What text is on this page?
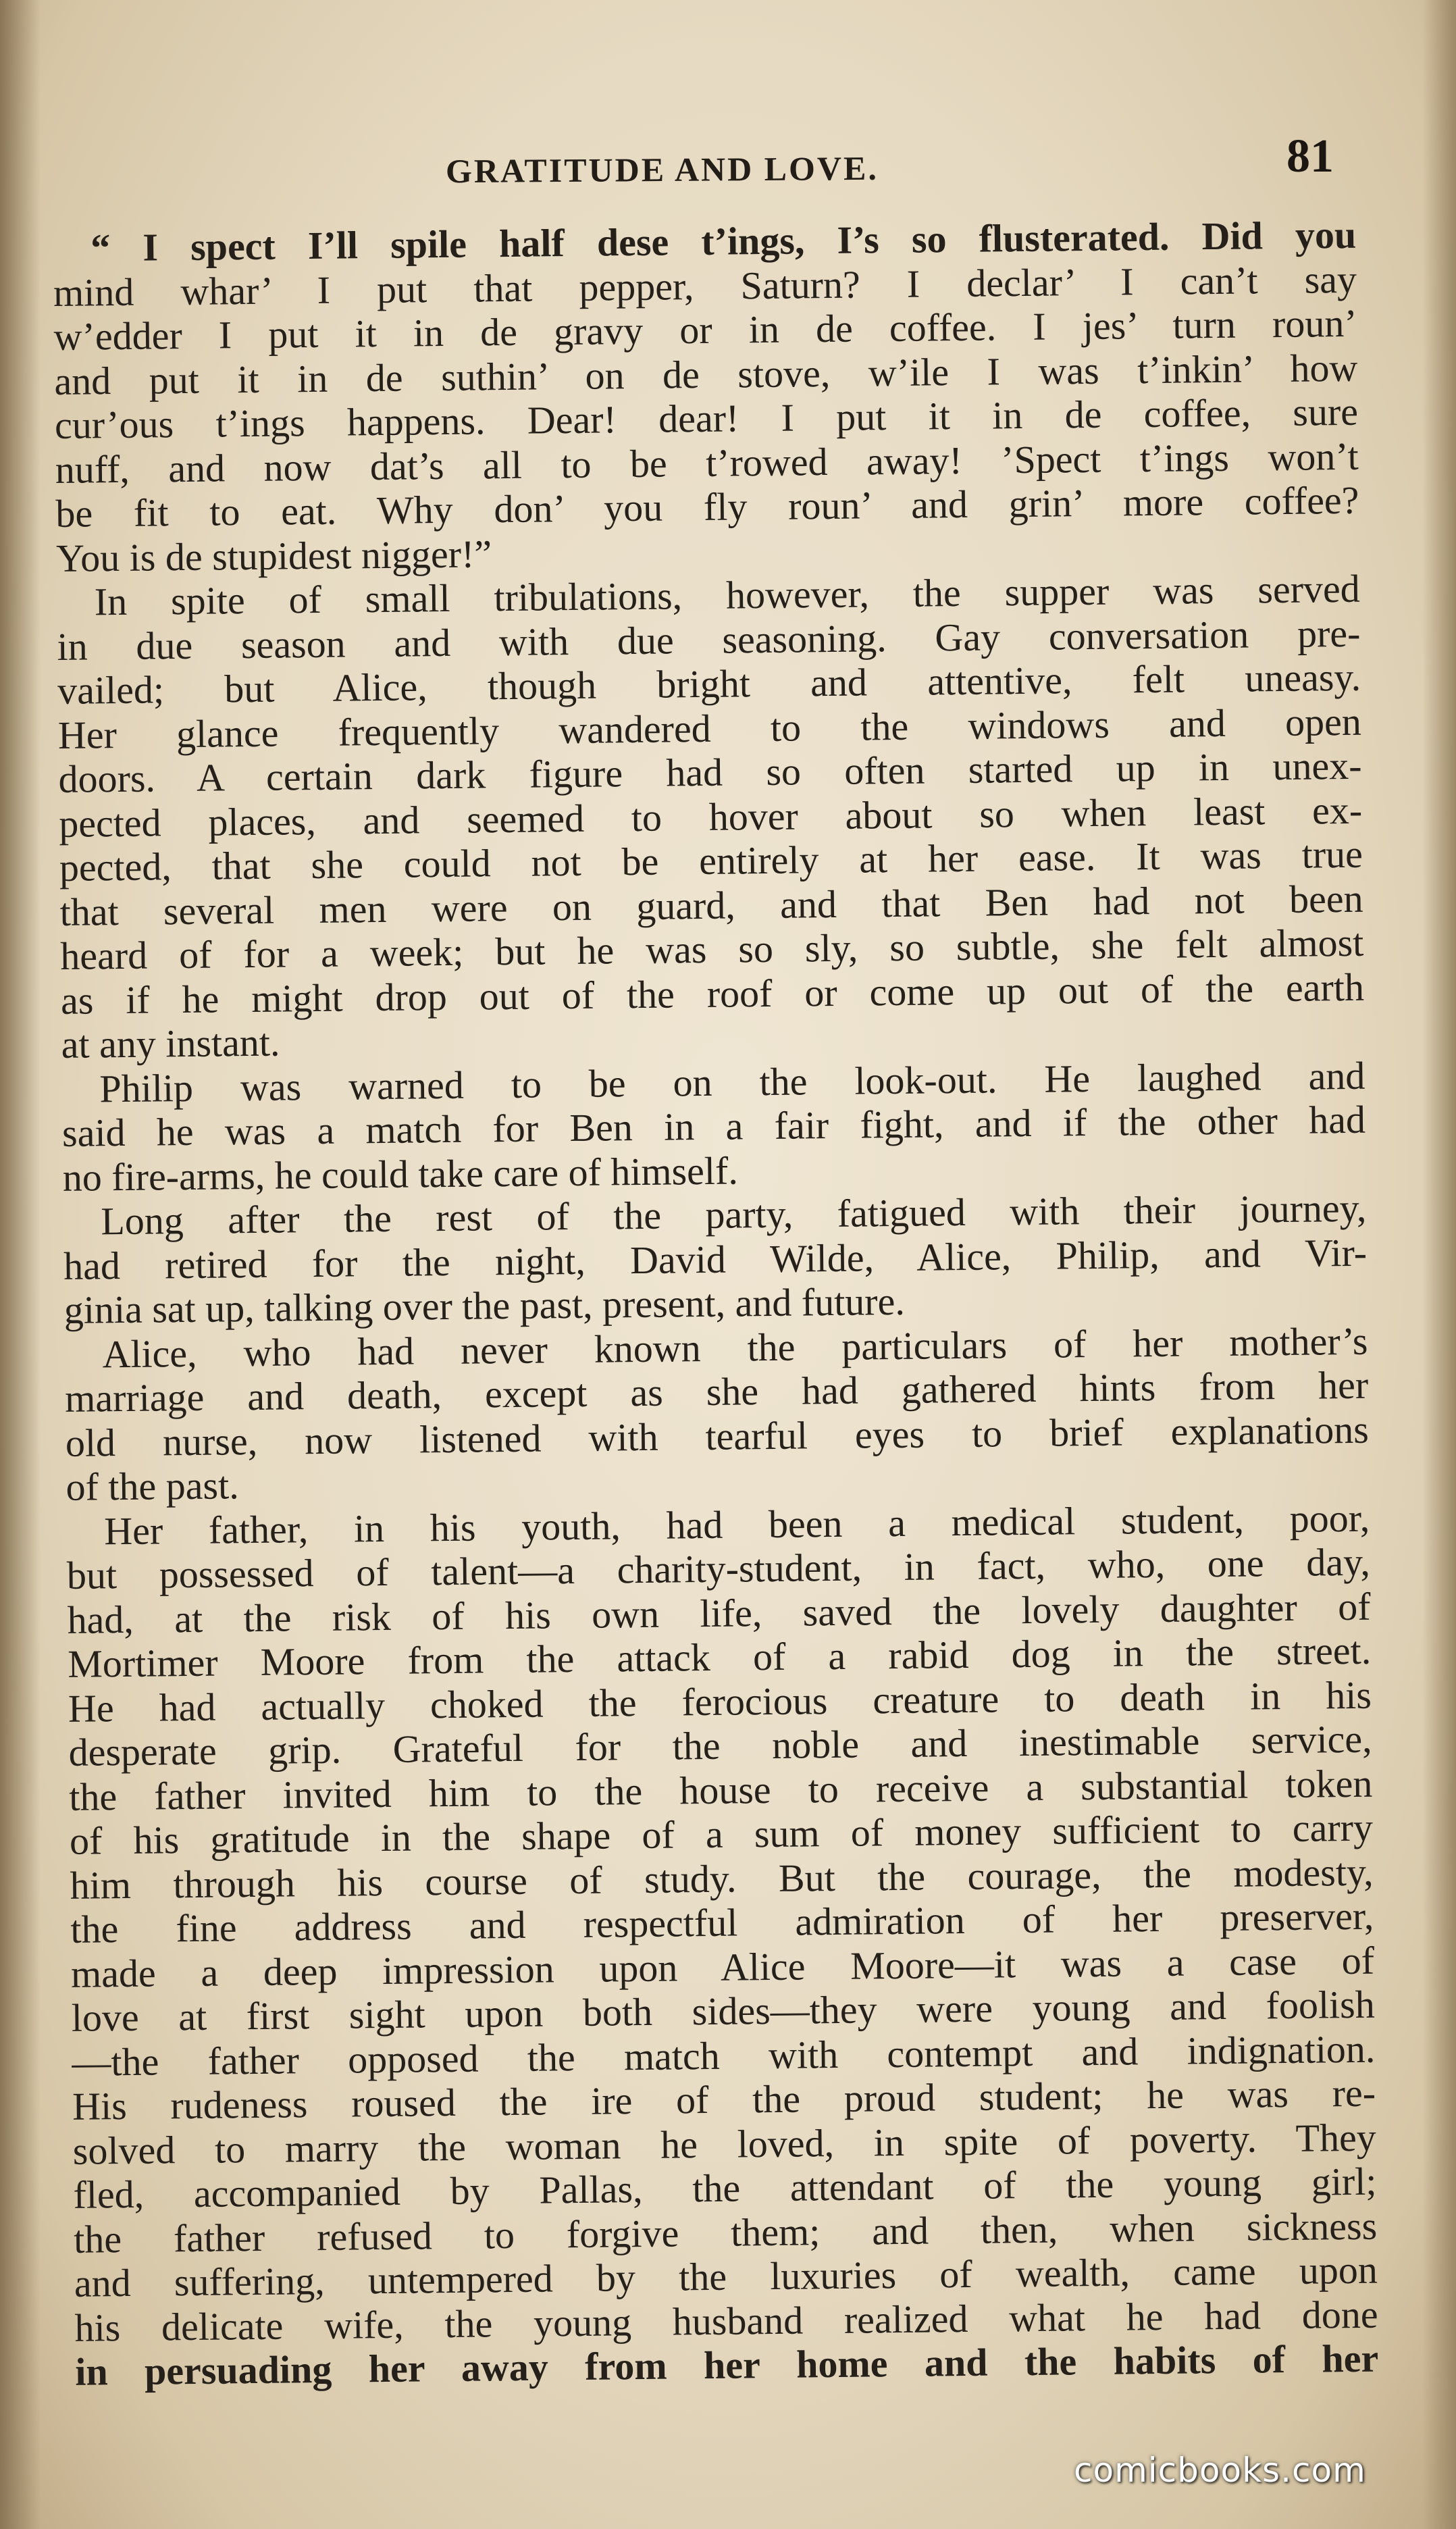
GRATITUDE AND LOVE.	81
“ I spect I’ll spile half dese t’ings, I’s so flusterated. Did you
mind whar’ I put that pepper, Saturn? I declar’ I can’t say
w’edder I put it in de gravy or in de coffee. I jes’ turn roun’
and put it in de suthin’ on de stove, w’ile I was t’inkin’ how
cur’ous t’ings happens. Dear! dear! I put it in de coffee, sure
nuff, and now dat’s all to be t’rowed away! ’Spect t’ings won’t
be fit to eat. Why don’ you fly roun’ and grin’ more coffee?
You is de stupidest nigger!”
In spite of small tribulations, however, the supper was served
in due season and with due seasoning. Gay conversation pre-
vailed; but Alice, though bright and attentive, felt uneasy.
Her glance frequently wandered to the windows and open
doors. A certain dark figure had so often started up in unex-
pected places, and seemed to hover about so when least ex-
pected, that she could not be entirely at her ease. It was true
that several men were on guard, and that Ben had not been
heard of for a week; but he was so sly, so subtle, she felt almost
as if he might drop out of the roof or come up out of the earth
at any instant.
Philip was warned to be on the look-out. He laughed and
said he was a match for Ben in a fair fight, and if the other had
no fire-arms, he could take care of himself.
Long after the rest of the party, fatigued with their journey,
had retired for the night, David Wilde, Alice, Philip, and Vir-
ginia sat up, talking over the past, present, and future.
Alice, who had never known the particulars of her mother’s
marriage and death, except as she had gathered hints from her
old nurse, now listened with tearful eyes to brief explanations
of the past.
Her father, in his youth, had been a medical student, poor,
but possessed of talent—a charity-student, in fact, who, one day,
had, at the risk of his own life, saved the lovely daughter of
Mortimer Moore from the attack of a rabid dog in the street.
He had actually choked the ferocious creature to death in his
desperate grip. Grateful for the noble and inestimable service,
the father invited him to the house to receive a substantial token
of his gratitude in the shape of a sum of money sufficient to carry
him through his course of study. But the courage, the modesty,
the fine address and respectful admiration of her preserver,
made a deep impression upon Alice Moore—it was a case of
love at first sight upon both sides—they were young and foolish
—the father opposed the match with contempt and indignation.
His rudeness roused the ire of the proud student; he was re-
solved to marry the woman he loved, in spite of poverty. They
fled, accompanied by Pallas, the attendant of the young girl;
the father refused to forgive them; and then, when sickness
and suffering, untempered by the luxuries of wealth, came upon
his delicate wife, the young husband realized what he had done
in persuading her away from her home and the habits of her
comicbooks.com
